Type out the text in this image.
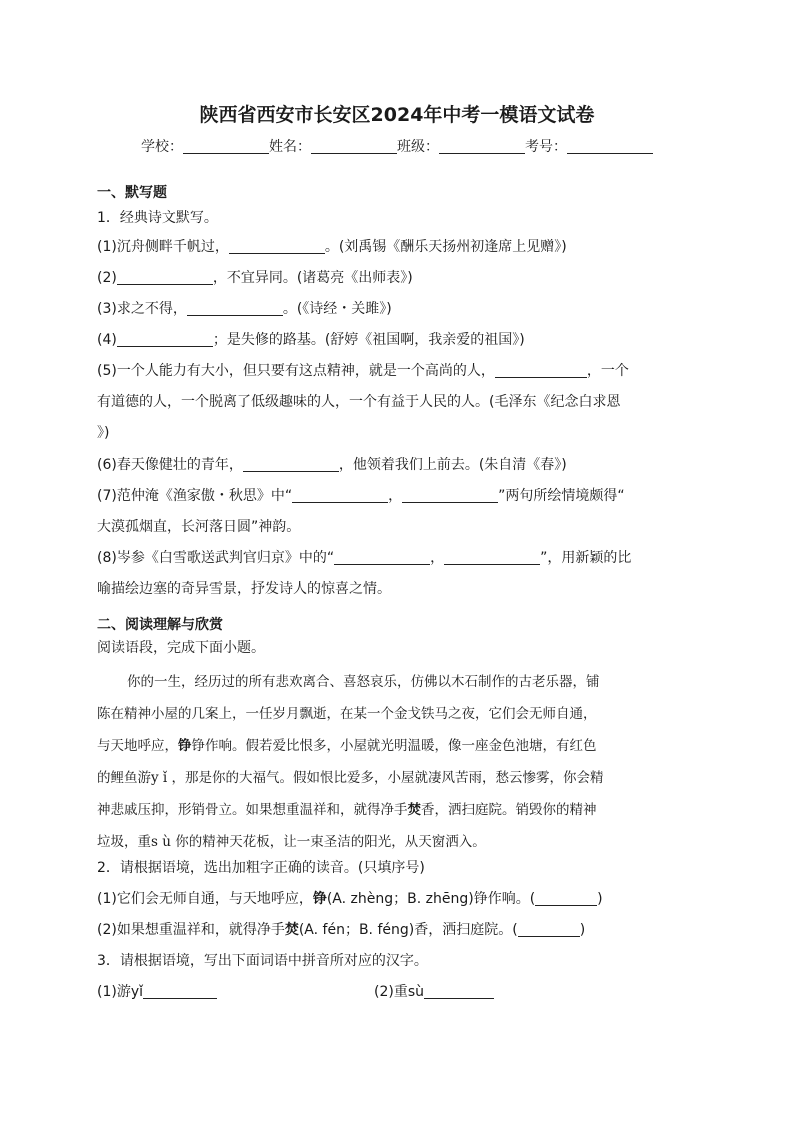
陕西省西安市长安区2024年中考一模语文试卷
学校：	姓名：	班级：	考号：
一、默写题
1．经典诗文默写。
(1)沉舟侧畔千帆过，	。(刘禹锡《酬乐天扬州初逢席上见赠》)
(2)	，不宜异同。(诸葛亮《出师表》)
(3)求之不得，	。(《诗经・关雎》)
(4)	；是失修的路基。(舒婷《祖国啊，我亲爱的祖国》)
(5)一个人能力有大小，但只要有这点精神，就是一个高尚的人，	，一个
有道德的人，一个脱离了低级趣味的人，一个有益于人民的人。(毛泽东《纪念白求恩
》)
(6)春天像健壮的青年，	，他领着我们上前去。(朱自清《春》)
(7)范仲淹《渔家傲・秋思》中“	，	”两句所绘情境颇得“
大漠孤烟直，长河落日圆”神韵。
(8)岑参《白雪歌送武判官归京》中的“	，	”，用新颖的比
喻描绘边塞的奇异雪景，抒发诗人的惊喜之情。
二、阅读理解与欣赏
阅读语段，完成下面小题。
你的一生，经历过的所有悲欢离合、喜怒哀乐，仿佛以木石制作的古老乐器，铺
陈在精神小屋的几案上，一任岁月飘逝，在某一个金戈铁马之夜，它们会无师自通，
与天地呼应，铮铮作响。假若爱比恨多，小屋就光明温暖，像一座金色池塘，有红色
的鲤鱼游y ǐ ，那是你的大福气。假如恨比爱多，小屋就凄风苦雨，愁云惨雾，你会精
神悲戚压抑，形销骨立。如果想重温祥和，就得净手焚香，洒扫庭院。销毁你的精神
垃圾，重s ù 你的精神天花板，让一束圣洁的阳光，从天窗洒入。
2．请根据语境，选出加粗字正确的读音。(只填序号)
(1)它们会无师自通，与天地呼应，铮(A. zhèng；B. zhēng)铮作响。(	)
(2)如果想重温祥和，就得净手焚(A. fén；B. féng)香，洒扫庭院。(	)
3．请根据语境，写出下面词语中拼音所对应的汉字。
(1)游yǐ	(2)重sù
